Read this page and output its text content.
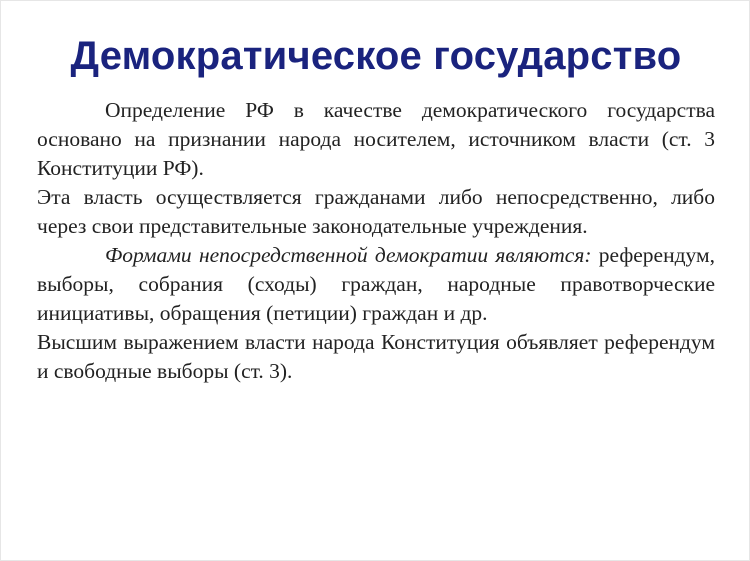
Демократическое государство

Определение РФ в качестве демократического государства основано на признании народа носителем, источником власти (ст. 3 Конституции РФ).

Эта власть осуществляется гражданами либо непосредственно, либо через свои представительные законодательные учреждения.

Формами непосредственной демократии являются: референдум, выборы, собрания (сходы) граждан, народные правотворческие инициативы, обращения (петиции) граждан и др.

Высшим выражением власти народа Конституция объявляет референдум и свободные выборы (ст. 3).
